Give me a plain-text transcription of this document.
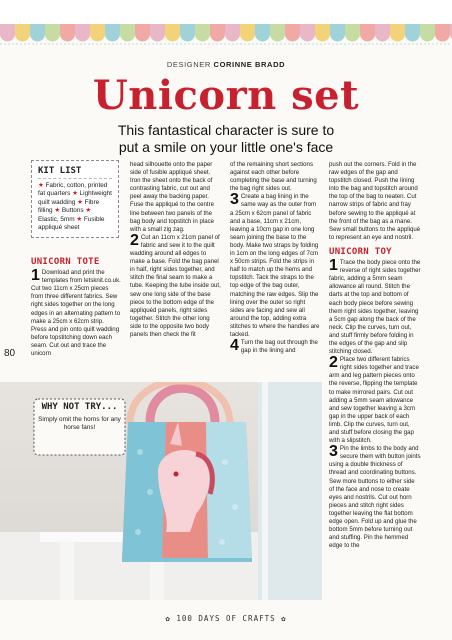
DESIGNER CORINNE BRADD
Unicorn set
This fantastical character is sure to
put a smile on your little one's face
KIT LIST
★ Fabric, cotton, printed fat quarters ★ Lightweight quilt wadding ★ Fibre filling ★ Buttons ★ Elastic, 5mm ★ Fusible appliqué sheet
UNICORN TOTE

1 Download and print the templates from letsknit.co.uk. Cut two 11cm x 25cm pieces from three different fabrics. Sew right sides together on the long edges in an alternating pattern to make a 25cm x 62cm strip. Press and pin onto quilt wadding before topstitching down each seam. Cut out and trace the unicorn

80

head silhouette onto the paper side of fusible appliqué sheet. Iron the sheet onto the back of contrasting fabric, cut out and peel away the backing paper. Fuse the appliqué to the centre line between two panels of the bag body and topstitch in place with a small zig zag.

2 Cut an 11cm x 21cm panel of fabric and sew it to the quilt wadding around all edges to make a base. Fold the bag panel in half, right sides together, and stitch the final seam to make a tube. Keeping the tube inside out, sew one long side of the base piece to the bottom edge of the appliquéd panels, right sides together. Stitch the other long side to the opposite two body panels then check the fit

of the remaining short sections against each other before completing the base and turning the bag right sides out.

3 Create a bag lining in the same way as the outer from a 25cm x 62cm panel of fabric and a base, 11cm x 21cm, leaving a 10cm gap in one long seam joining the base to the body. Make two straps by folding in 1cm on the long edges of 7cm x 50cm strips. Fold the strips in half to match up the hems and topstitch. Tack the straps to the top edge of the bag outer, matching the raw edges. Slip the lining over the outer so right sides are facing and sew all around the top, adding extra stitches to where the handles are tacked.

4 Turn the bag out through the gap in the lining and

push out the corners. Fold in the raw edges of the gap and topstitch closed. Push the lining into the bag and topstitch around the top of the bag to neaten. Cut narrow strips of fabric and fray before sewing to the appliqué at the front of the bag as a mane. Sew small buttons to the appliqué to represent an eye and nostril.

UNICORN TOY

1 Trace the body piece onto the reverse of right sides together fabric, adding a 5mm seam allowance all round. Stitch the darts at the top and bottom of each body piece before sewing them right sides together, leaving a 5cm gap along the back of the neck. Clip the curves, turn out, and stuff firmly before folding in the edges of the gap and slip stitching closed.

2 Place two different fabrics right sides together and trace arm and leg pattern pieces onto the reverse, flipping the template to make mirrored pairs. Cut out adding a 5mm seam allowance and sew together leaving a 3cm gap in the upper back of each limb. Clip the curves, turn out, and stuff before closing the gap with a slipstitch.

3 Pin the limbs to the body and secure them with button joints using a double thickness of thread and coordinating buttons. Sew more buttons to either side of the face and nose to create eyes and nostrils. Cut out horn pieces and stitch right sides together leaving the flat bottom edge open. Fold up and glue the bottom 5mm before turning out and stuffing. Pin the hemmed edge to the

WHY NOT TRY...
Simply omit the horns for any horse fans!
✿ 100 DAYS OF CRAFTS ✿
